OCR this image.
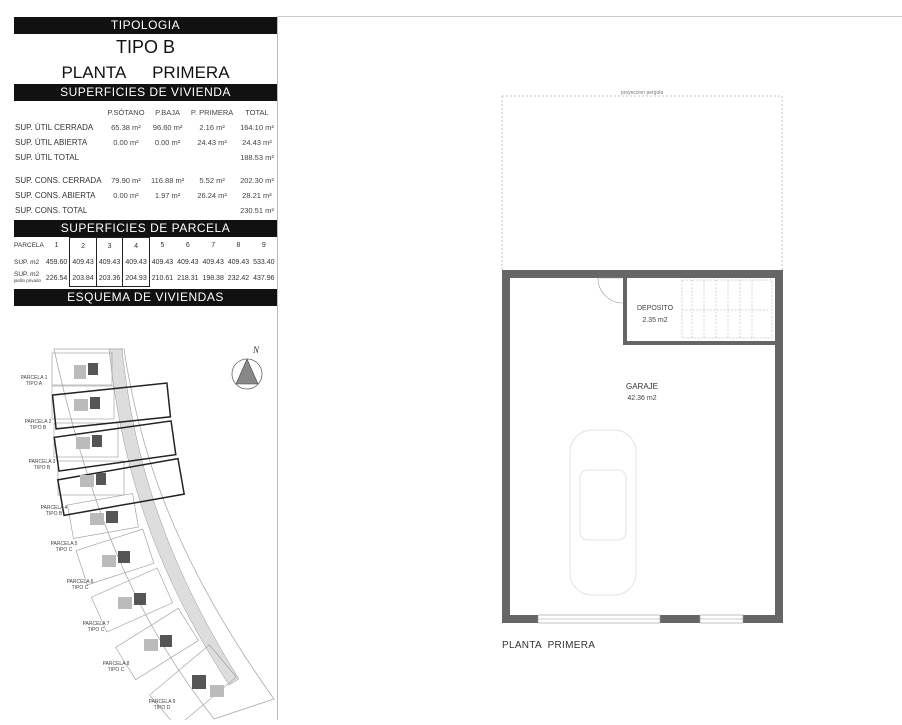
TIPOLOGIA
TIPO B
PLANTA PRIMERA
SUPERFICIES DE VIVIENDA
	P.SÓTANO	P.BAJA	P. PRIMERA	TOTAL
SUP. ÚTIL CERRADA	65.38 m²	96.60 m²	2.16 m²	164.10 m²
SUP. ÚTIL ABIERTA	0.00 m²	0.00 m²	24.43 m²	24.43 m²
SUP. ÚTIL TOTAL				188.53 m²

SUP. CONS. CERRADA	79.90 m²	116.88 m²	5.52 m²	202.30 m²
SUP. CONS. ABIERTA	0.00 m²	1.97 m²	26.24 m²	28.21 m²
SUP. CONS. TOTAL				230.51 m²
SUPERFICIES DE PARCELA
PARCELA	1	2	3	4	5	6	7	8	9
SUP. m2	459.60	409.43	409.43	409.43	409.43	409.43	409.43	409.43	533.40
SUP. m2
jardin privado	226.54	203.84	203.36	204.93	210.61	218.31	198.38	232.42	437.96
ESQUEMA DE VIVIENDAS
N
PARCELA 1
TIPO A
PARCELA 2
TIPO B
PARCELA 3
TIPO B
PARCELA 4
TIPO B
PARCELA 5
TIPO C
PARCELA 6
TIPO C
PARCELA 7
TIPO C
PARCELA 8
TIPO C
PARCELA 9
TIPO D
proyeccion pergola
DEPOSITO
2.35 m2
GARAJE
42.36 m2
PLANTA  PRIMERA
